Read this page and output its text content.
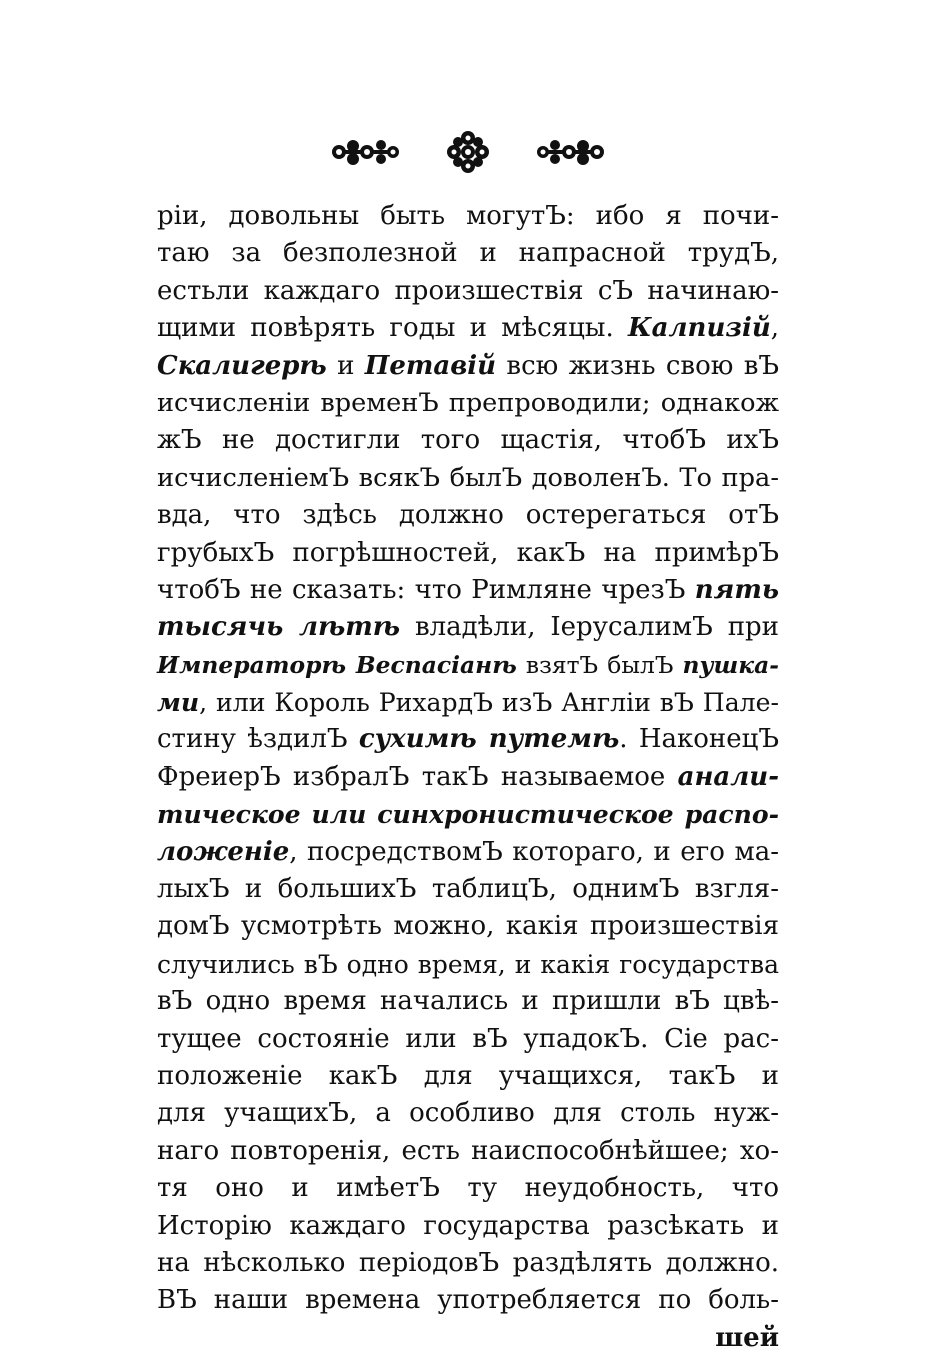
ріи, довольны быть могутЪ: ибо я почи-
таю за безполезной и напрасной трудЪ,
естьли каждаго произшествія сЪ начинаю-
щими повѣрять годы и мѣсяцы. Калпизій,
Скалигерѣ и Петавій всю жизнь свою вЪ
исчисленіи временЪ препроводили; однакож
жЪ не достигли того щастія, чтобЪ ихЪ
исчисленіемЪ всякЪ былЪ доволенЪ. То пра-
вда, что здѣсь должно остерегаться отЪ
грубыхЪ погрѣшностей, какЪ на примѣрЪ
чтобЪ не сказать: что Римляне чрезЪ пять
тысячь лѣтѣ владѣли, ІерусалимЪ при
Императорѣ Веспасіанѣ взятЪ былЪ пушка-
ми, или Король РихардЪ изЪ Англіи вЪ Пале-
стину ѣздилЪ сухимѣ путемѣ. НаконецЪ
ФреиерЪ избралЪ такЪ называемое анали-
тическое или синхронистическое распо-
ложеніе, посредствомЪ котораго, и его ма-
лыхЪ и большихЪ таблицЪ, однимЪ взгля-
домЪ усмотрѣть можно, какія произшествія
случились вЪ одно время, и какія государства
вЪ одно время начались и пришли вЪ цвѣ-
тущее состояніе или вЪ упадокЪ. Сіе рас-
положеніе какЪ для учащихся, такЪ и
для учащихЪ, а особливо для столь нуж-
наго повторенія, есть наиспособнѣйшее; хо-
тя оно и имѣетЪ ту неудобность, что
Исторію каждаго государства разсѣкать и
на нѣсколько періодовЪ раздѣлять должно.
ВЪ наши времена употребляется по боль-
шей
